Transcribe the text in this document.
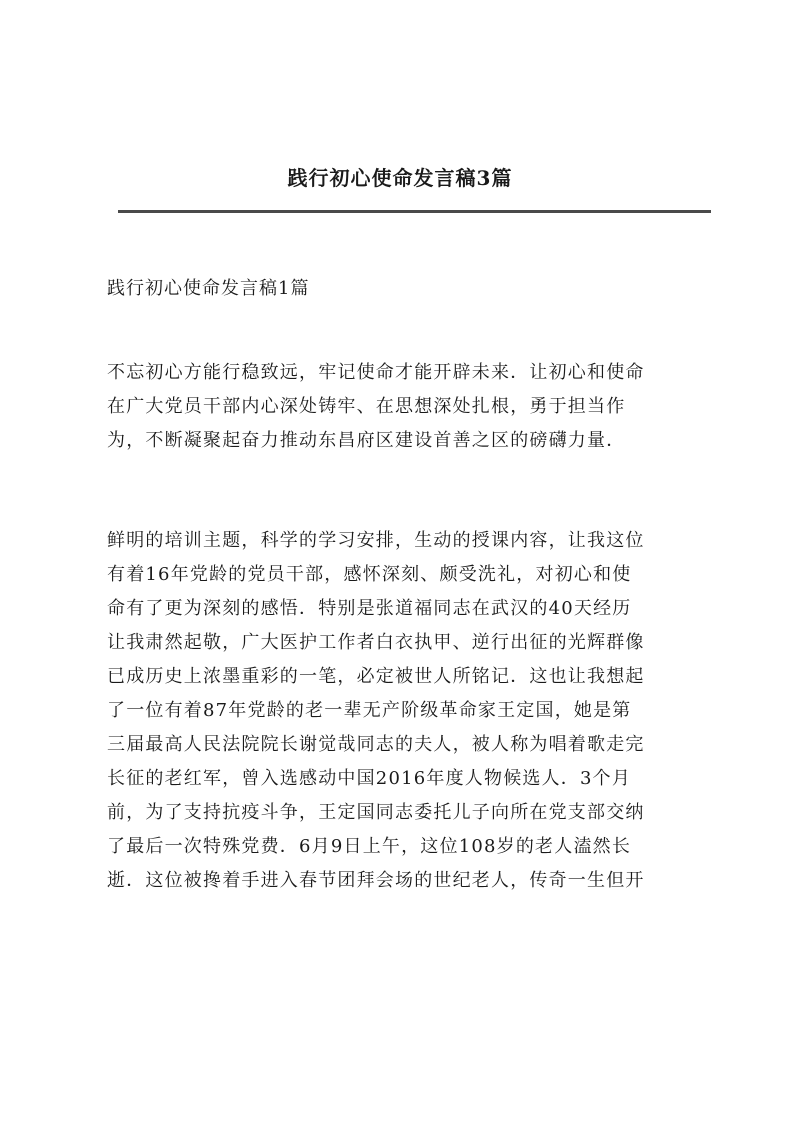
践行初心使命发言稿3篇
践行初心使命发言稿1篇
不忘初心方能行稳致远，牢记使命才能开辟未来．让初心和使命
在广大党员干部内心深处铸牢、在思想深处扎根，勇于担当作
为，不断凝聚起奋力推动东昌府区建设首善之区的磅礴力量．
鲜明的培训主题，科学的学习安排，生动的授课内容，让我这位
有着16年党龄的党员干部，感怀深刻、颇受洗礼，对初心和使
命有了更为深刻的感悟．特别是张道福同志在武汉的40天经历
让我肃然起敬，广大医护工作者白衣执甲、逆行出征的光辉群像
已成历史上浓墨重彩的一笔，必定被世人所铭记．这也让我想起
了一位有着87年党龄的老一辈无产阶级革命家王定国，她是第
三届最高人民法院院长谢觉哉同志的夫人，被人称为唱着歌走完
长征的老红军，曾入选感动中国2016年度人物候选人．3个月
前，为了支持抗疫斗争，王定国同志委托儿子向所在党支部交纳
了最后一次特殊党费．6月9日上午，这位108岁的老人溘然长
逝．这位被搀着手进入春节团拜会场的世纪老人，传奇一生但开
